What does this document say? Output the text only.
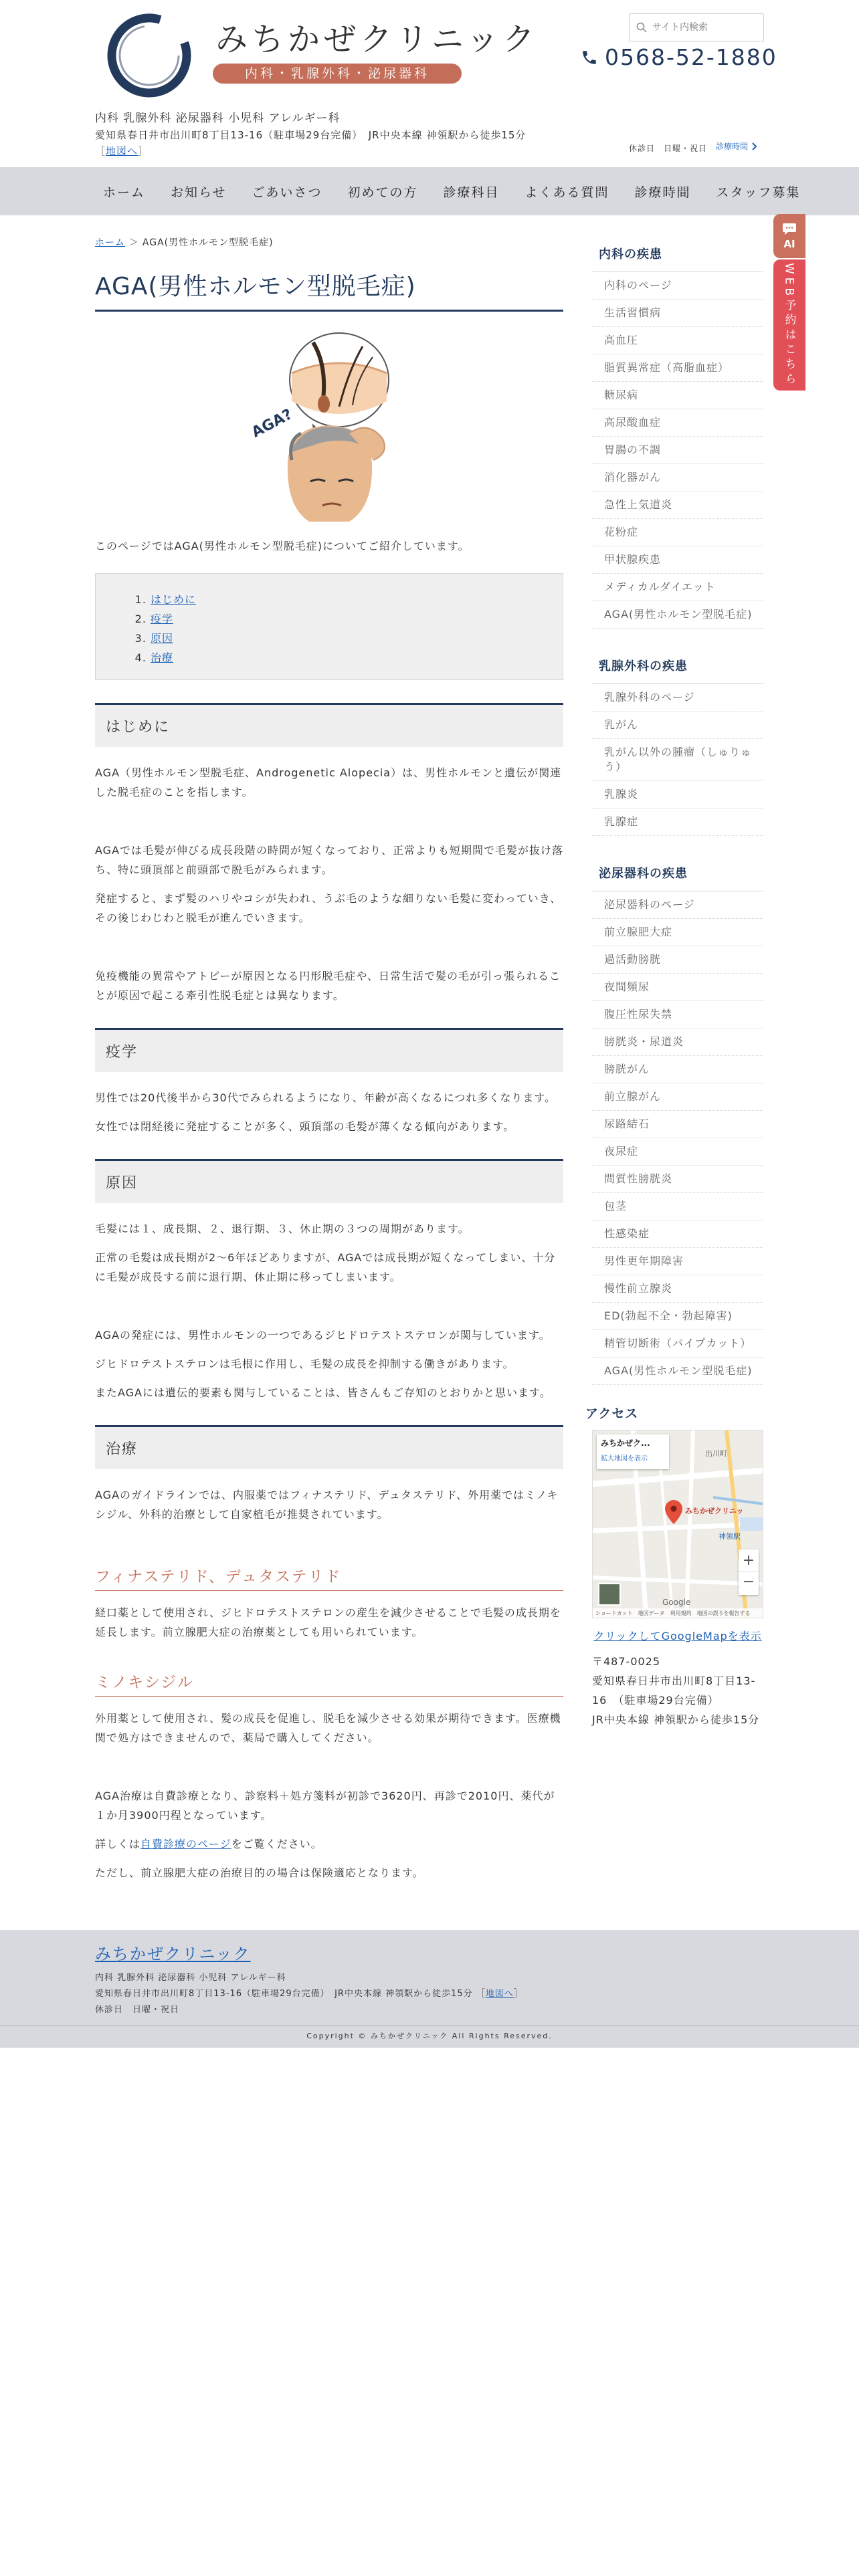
みちかぜクリニック
内科・乳腺外科・泌尿器科
サイト内検索
0568-52-1880
内科 乳腺外科 泌尿器科 小児科 アレルギー科
愛知県春日井市出川町8丁目13-16（駐車場29台完備）　JR中央本線 神領駅から徒歩15分 ［地図へ］	休診日　日曜・祝日 診療時間
ホーム	お知らせ	ごあいさつ	初めての方	診療科目	よくある質問	診療時間	スタッフ募集
AI
WEB予約はこちら
ホーム ＞ AGA(男性ホルモン型脱毛症)
AGA(男性ホルモン型脱毛症)
AGA?

このページではAGA(男性ホルモン型脱毛症)についてご紹介しています。

1. はじめに
2. 疫学
3. 原因
4. 治療
はじめに

AGA（男性ホルモン型脱毛症、Androgenetic Alopecia）は、男性ホルモンと遺伝が関連した脱毛症のことを指します。

AGAでは毛髪が伸びる成長段階の時間が短くなっており、正常よりも短期間で毛髪が抜け落ち、特に頭頂部と前頭部で脱毛がみられます。

発症すると、まず髪のハリやコシが失われ、うぶ毛のような細りない毛髪に変わっていき、その後じわじわと脱毛が進んでいきます。

免疫機能の異常やアトピーが原因となる円形脱毛症や、日常生活で髪の毛が引っ張られることが原因で起こる牽引性脱毛症とは異なります。

疫学

男性では20代後半から30代でみられるようになり、年齢が高くなるにつれ多くなります。

女性では閉経後に発症することが多く、頭頂部の毛髪が薄くなる傾向があります。

原因

毛髪には１、成長期、２、退行期、３、休止期の３つの周期があります。

正常の毛髪は成長期が2〜6年ほどありますが、AGAでは成長期が短くなってしまい、十分に毛髪が成長する前に退行期、休止期に移ってしまいます。

AGAの発症には、男性ホルモンの一つであるジヒドロテストステロンが関与しています。

ジヒドロテストステロンは毛根に作用し、毛髪の成長を抑制する働きがあります。

またAGAには遺伝的要素も関与していることは、皆さんもご存知のとおりかと思います。

治療

AGAのガイドラインでは、内服薬ではフィナステリド、デュタステリド、外用薬ではミノキシジル、外科的治療として自家植毛が推奨されています。

フィナステリド、デュタステリド

経口薬として使用され、ジヒドロテストステロンの産生を減少させることで毛髪の成長期を延長します。前立腺肥大症の治療薬としても用いられています。

ミノキシジル

外用薬として使用され、髪の成長を促進し、脱毛を減少させる効果が期待できます。医療機関で処方はできませんので、薬局で購入してください。

AGA治療は自費診療となり、診察料＋処方箋料が初診で3620円、再診で2010円、薬代が１か月3900円程となっています。

詳しくは自費診療のページをご覧ください。

ただし、前立腺肥大症の治療目的の場合は保険適応となります。

内科の疾患
内科のページ
生活習慣病
高血圧
脂質異常症（高脂血症）
糖尿病
高尿酸血症
胃腸の不調
消化器がん
急性上気道炎
花粉症
甲状腺疾患
メディカルダイエット
AGA(男性ホルモン型脱毛症)
乳腺外科の疾患
乳腺外科のページ
乳がん
乳がん以外の腫瘤（しゅりゅう）
乳腺炎
乳腺症
泌尿器科の疾患
泌尿器科のページ
前立腺肥大症
過活動膀胱
夜間頻尿
腹圧性尿失禁
膀胱炎・尿道炎
膀胱がん
前立腺がん
尿路結石
夜尿症
間質性膀胱炎
包茎
性感染症
男性更年期障害
慢性前立腺炎
ED(勃起不全・勃起障害)
精管切断術（パイプカット）
AGA(男性ホルモン型脱毛症)
アクセス
みちかぜク...
拡大地図を表示
出川町
みちかぜクリニッ
神領駅
+
−
Google
ショートカット　地図データ　利用規約　地図の誤りを報告する
クリックしてGoogleMapを表示
〒487-0025
愛知県春日井市出川町8丁目13-16　（駐車場29台完備）
JR中央本線 神領駅から徒歩15分
みちかぜクリニック
内科 乳腺外科 泌尿器科 小児科 アレルギー科
愛知県春日井市出川町8丁目13-16（駐車場29台完備）　JR中央本線 神領駅から徒歩15分 ［地図へ］
休診日　日曜・祝日
Copyright © みちかぜクリニック All Rights Reserved.
